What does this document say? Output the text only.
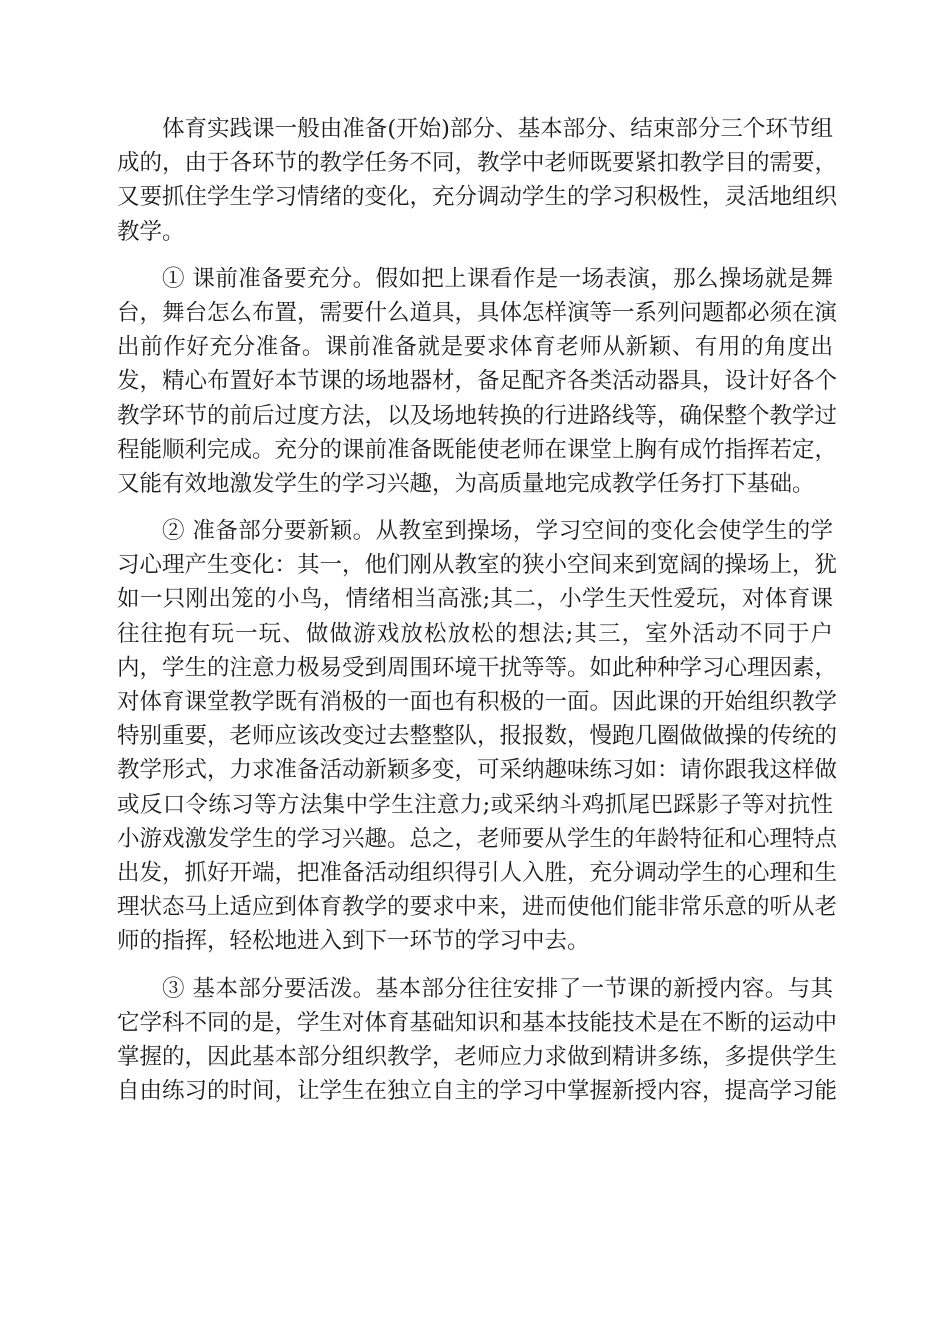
体育实践课一般由准备(开始)部分、基本部分、结束部分三个环节组
成的，由于各环节的教学任务不同，教学中老师既要紧扣教学目的需要，
又要抓住学生学习情绪的变化，充分调动学生的学习积极性，灵活地组织
教学。
① 课前准备要充分。假如把上课看作是一场表演，那么操场就是舞
台，舞台怎么布置，需要什么道具，具体怎样演等一系列问题都必须在演
出前作好充分准备。课前准备就是要求体育老师从新颖、有用的角度出
发，精心布置好本节课的场地器材，备足配齐各类活动器具，设计好各个
教学环节的前后过度方法，以及场地转换的行进路线等，确保整个教学过
程能顺利完成。充分的课前准备既能使老师在课堂上胸有成竹指挥若定，
又能有效地激发学生的学习兴趣，为高质量地完成教学任务打下基础。
② 准备部分要新颖。从教室到操场，学习空间的变化会使学生的学
习心理产生变化：其一，他们刚从教室的狭小空间来到宽阔的操场上，犹
如一只刚出笼的小鸟，情绪相当高涨;其二，小学生天性爱玩，对体育课
往往抱有玩一玩、做做游戏放松放松的想法;其三，室外活动不同于户
内，学生的注意力极易受到周围环境干扰等等。如此种种学习心理因素，
对体育课堂教学既有消极的一面也有积极的一面。因此课的开始组织教学
特别重要，老师应该改变过去整整队，报报数，慢跑几圈做做操的传统的
教学形式，力求准备活动新颖多变，可采纳趣味练习如：请你跟我这样做
或反口令练习等方法集中学生注意力;或采纳斗鸡抓尾巴踩影子等对抗性
小游戏激发学生的学习兴趣。总之，老师要从学生的年龄特征和心理特点
出发，抓好开端，把准备活动组织得引人入胜，充分调动学生的心理和生
理状态马上适应到体育教学的要求中来，进而使他们能非常乐意的听从老
师的指挥，轻松地进入到下一环节的学习中去。
③ 基本部分要活泼。基本部分往往安排了一节课的新授内容。与其
它学科不同的是，学生对体育基础知识和基本技能技术是在不断的运动中
掌握的，因此基本部分组织教学，老师应力求做到精讲多练，多提供学生
自由练习的时间，让学生在独立自主的学习中掌握新授内容，提高学习能
